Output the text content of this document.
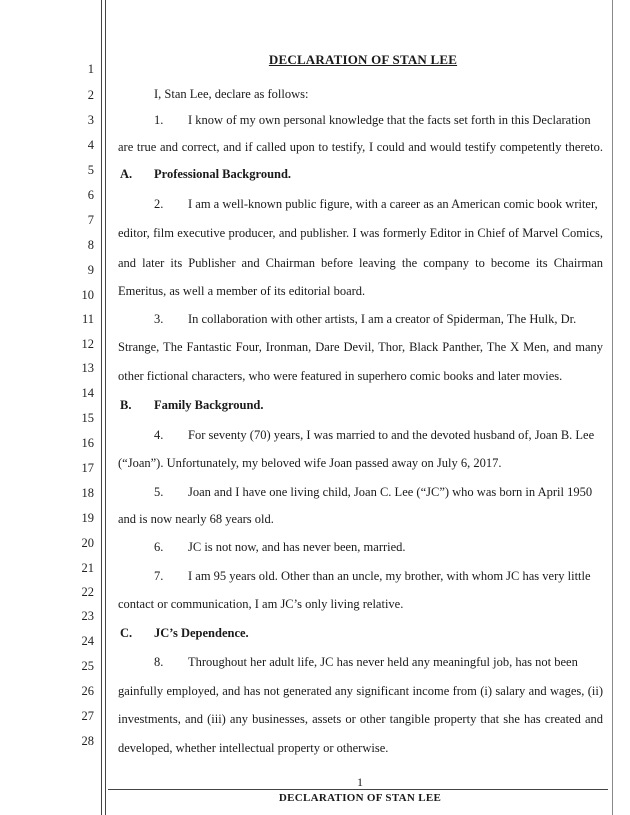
1
2
3
4
5
6
7
8
9
10
11
12
13
14
15
16
17
18
19
20
21
22
23
24
25
26
27
28
DECLARATION OF STAN LEE
I, Stan Lee, declare as follows:
1. I know of my own personal knowledge that the facts set forth in this Declaration
are true and correct, and if called upon to testify, I could and would testify competently thereto.
A. Professional Background.
2. I am a well-known public figure, with a career as an American comic book writer,
editor, film executive producer, and publisher. I was formerly Editor in Chief of Marvel Comics,
and later its Publisher and Chairman before leaving the company to become its Chairman
Emeritus, as well a member of its editorial board.
3. In collaboration with other artists, I am a creator of Spiderman, The Hulk, Dr.
Strange, The Fantastic Four, Ironman, Dare Devil, Thor, Black Panther, The X Men, and many
other fictional characters, who were featured in superhero comic books and later movies.
B. Family Background.
4. For seventy (70) years, I was married to and the devoted husband of, Joan B. Lee
(“Joan”). Unfortunately, my beloved wife Joan passed away on July 6, 2017.
5. Joan and I have one living child, Joan C. Lee (“JC”) who was born in April 1950
and is now nearly 68 years old.
6. JC is not now, and has never been, married.
7. I am 95 years old. Other than an uncle, my brother, with whom JC has very little
contact or communication, I am JC’s only living relative.
C. JC’s Dependence.
8. Throughout her adult life, JC has never held any meaningful job, has not been
gainfully employed, and has not generated any significant income from (i) salary and wages, (ii)
investments, and (iii) any businesses, assets or other tangible property that she has created and
developed, whether intellectual property or otherwise.
1
DECLARATION OF STAN LEE
